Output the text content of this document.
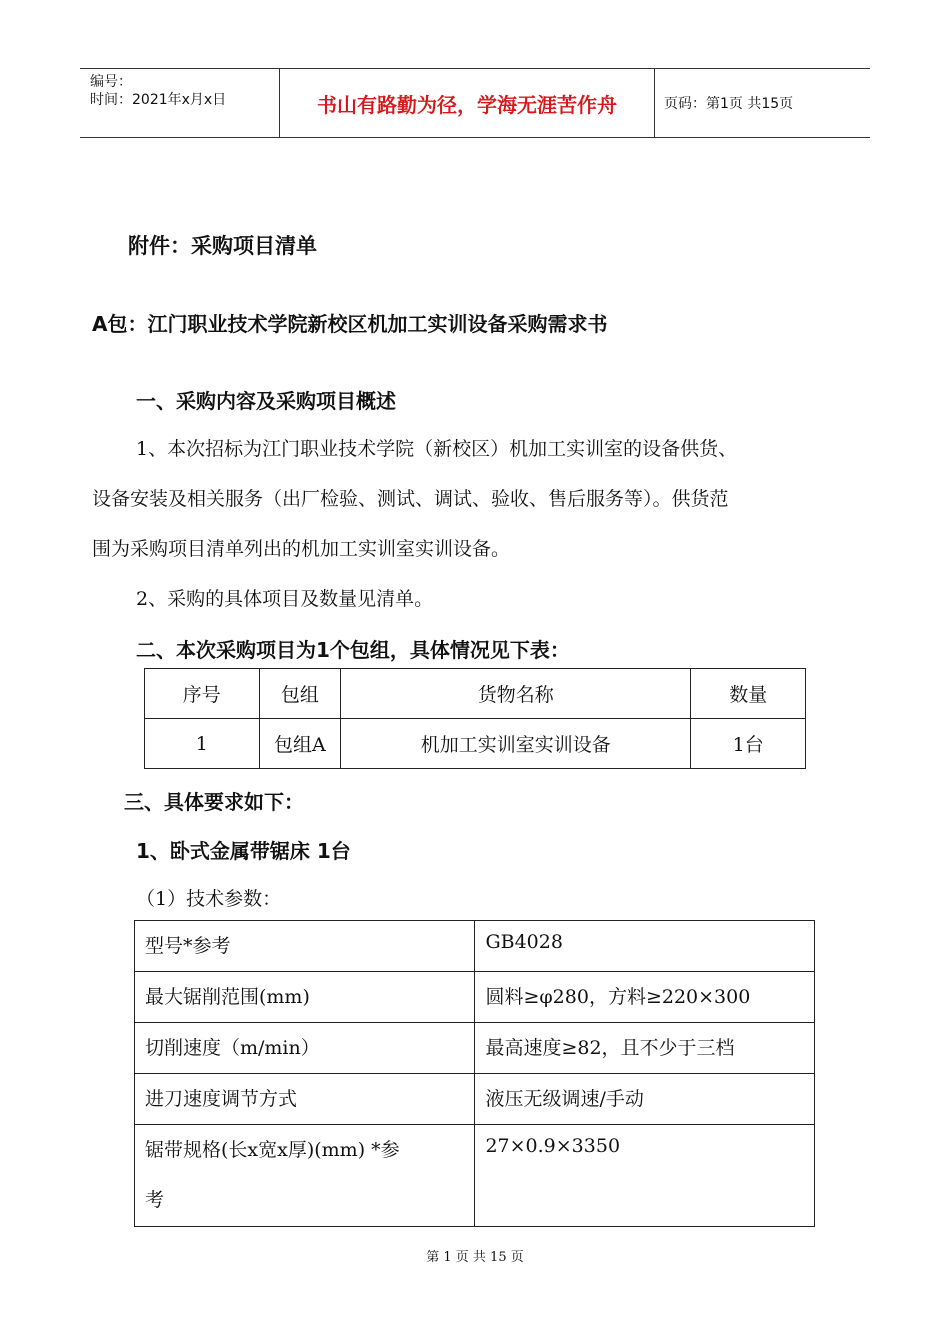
编号：
时间：2021年x月x日	书山有路勤为径，学海无涯苦作舟	页码：第1页 共15页
附件：采购项目清单
A包：江门职业技术学院新校区机加工实训设备采购需求书
一、采购内容及采购项目概述
1、本次招标为江门职业技术学院（新校区）机加工实训室的设备供货、
设备安装及相关服务（出厂检验、测试、调试、验收、售后服务等）。供货范
围为采购项目清单列出的机加工实训室实训设备。
2、采购的具体项目及数量见清单。
二、本次采购项目为1个包组，具体情况见下表：
序号	包组	货物名称	数量
1	包组A	机加工实训室实训设备	1台
三、具体要求如下：
1、卧式金属带锯床 1台
（1）技术参数：
型号*参考	GB4028
最大锯削范围(mm)	圆料≥φ280，方料≥220×300
切削速度（m/min）	最高速度≥82，且不少于三档
进刀速度调节方式	液压无级调速/手动

锯带规格(长x宽x厚)(mm) *参
考	27×0.9×3350
第 1 页 共 15 页
